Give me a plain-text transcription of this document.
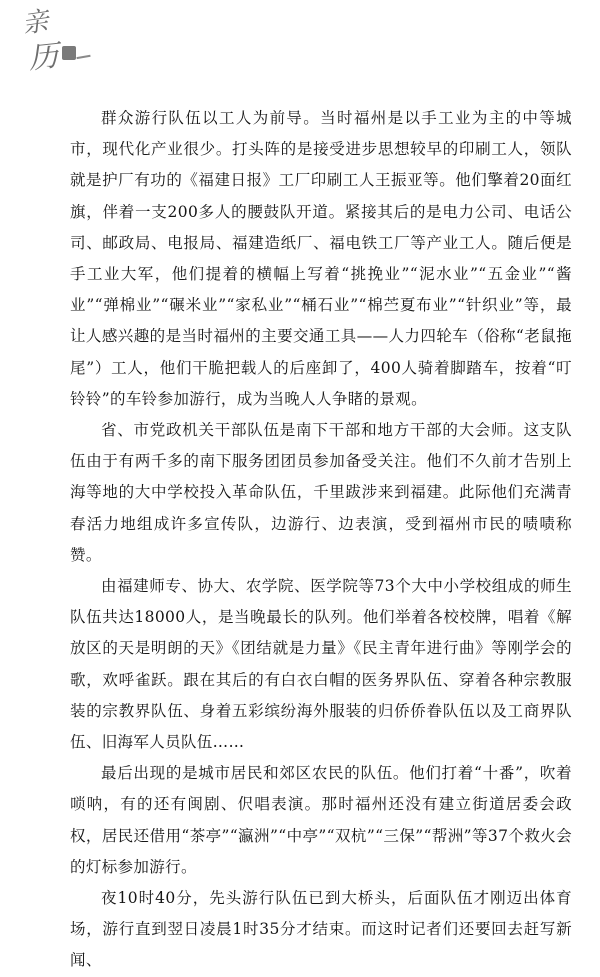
亲
历

群众游行队伍以工人为前导。当时福州是以手工业为主的中等城市，现代化产业很少。打头阵的是接受进步思想较早的印刷工人，领队就是护厂有功的《福建日报》工厂印刷工人王振亚等。他们擎着20面红旗，伴着一支200多人的腰鼓队开道。紧接其后的是电力公司、电话公司、邮政局、电报局、福建造纸厂、福电铁工厂等产业工人。随后便是手工业大军，他们提着的横幅上写着“挑挽业”“泥水业”“五金业”“酱业”“弹棉业”“碾米业”“家私业”“桶石业”“棉苎夏布业”“针织业”等，最让人感兴趣的是当时福州的主要交通工具——人力四轮车（俗称“老鼠拖尾”）工人，他们干脆把载人的后座卸了，400人骑着脚踏车，按着“叮铃铃”的车铃参加游行，成为当晚人人争睹的景观。

省、市党政机关干部队伍是南下干部和地方干部的大会师。这支队伍由于有两千多的南下服务团团员参加备受关注。他们不久前才告别上海等地的大中学校投入革命队伍，千里跋涉来到福建。此际他们充满青春活力地组成许多宣传队，边游行、边表演，受到福州市民的啧啧称赞。

由福建师专、协大、农学院、医学院等73个大中小学校组成的师生队伍共达18000人，是当晚最长的队列。他们举着各校校牌，唱着《解放区的天是明朗的天》《团结就是力量》《民主青年进行曲》等刚学会的歌，欢呼雀跃。跟在其后的有白衣白帽的医务界队伍、穿着各种宗教服装的宗教界队伍、身着五彩缤纷海外服装的归侨侨眷队伍以及工商界队伍、旧海军人员队伍……

最后出现的是城市居民和郊区农民的队伍。他们打着“十番”，吹着唢呐，有的还有闽剧、伬唱表演。那时福州还没有建立街道居委会政权，居民还借用“茶亭”“瀛洲”“中亭”“双杭”“三保”“帮洲”等37个救火会的灯标参加游行。

夜10时40分，先头游行队伍已到大桥头，后面队伍才刚迈出体育场，游行直到翌日凌晨1时35分才结束。而这时记者们还要回去赶写新闻、
